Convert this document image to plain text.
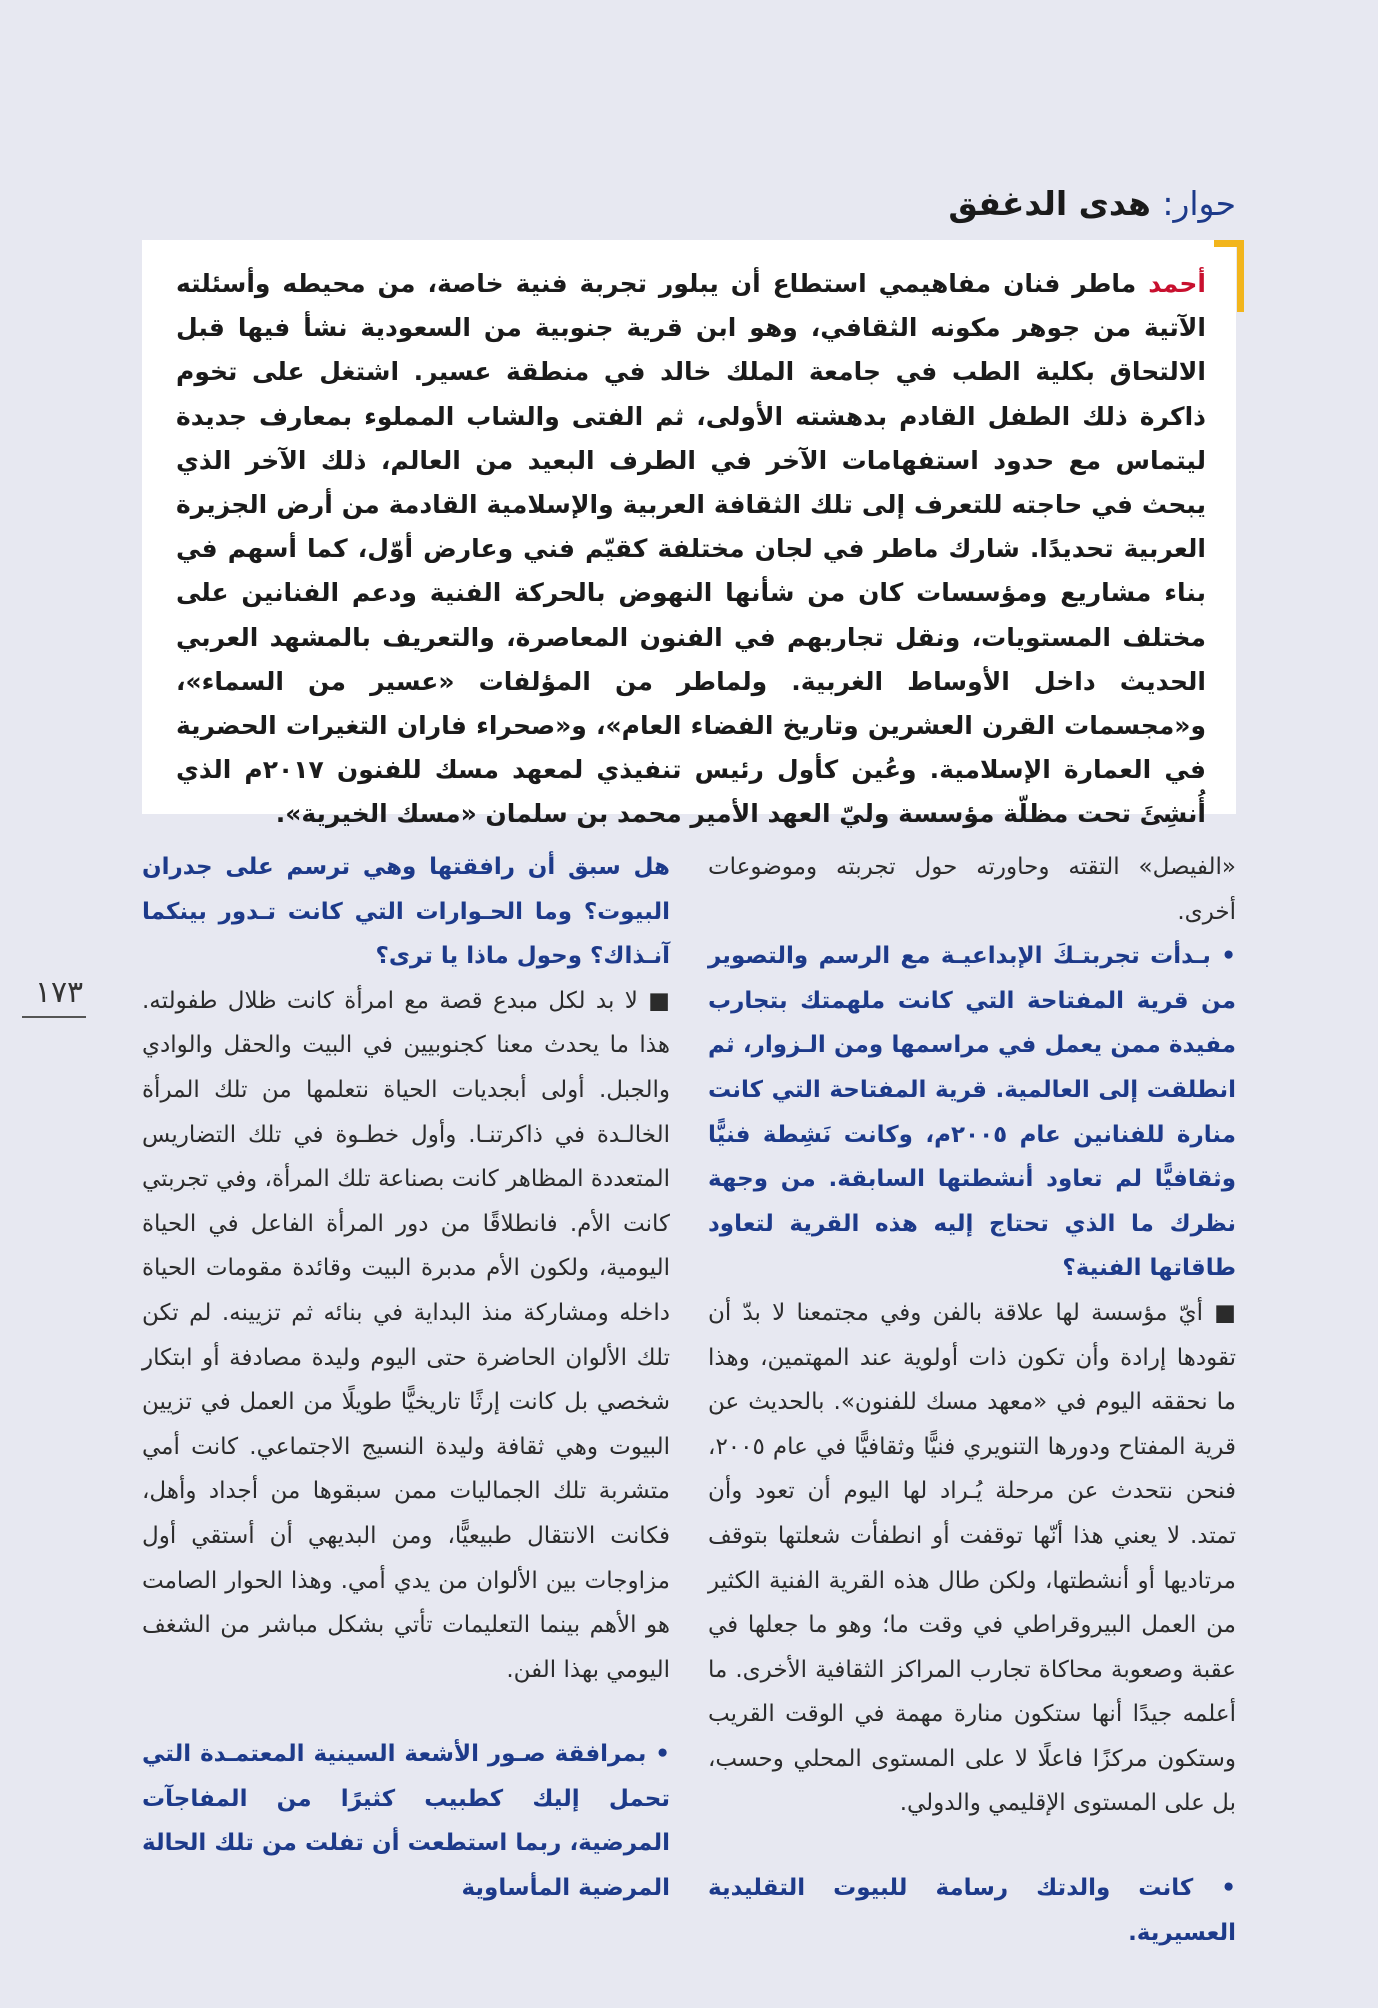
حوار: هدى الدغفق
أحمد ماطر فنان مفاهيمي استطاع أن يبلور تجربة فنية خاصة، من محيطه وأسئلته الآتية من جوهر مكونه الثقافي، وهو ابن قرية جنوبية من السعودية نشأ فيها قبل الالتحاق بكلية الطب في جامعة الملك خالد في منطقة عسير. اشتغل على تخوم ذاكرة ذلك الطفل القادم بدهشته الأولى، ثم الفتى والشاب المملوء بمعارف جديدة ليتماس مع حدود استفهامات الآخر في الطرف البعيد من العالم، ذلك الآخر الذي يبحث في حاجته للتعرف إلى تلك الثقافة العربية والإسلامية القادمة من أرض الجزيرة العربية تحديدًا. شارك ماطر في لجان مختلفة كقيّم فني وعارض أوّل، كما أسهم في بناء مشاريع ومؤسسات كان من شأنها النهوض بالحركة الفنية ودعم الفنانين على مختلف المستويات، ونقل تجاربهم في الفنون المعاصرة، والتعريف بالمشهد العربي الحديث داخل الأوساط الغربية. ولماطر من المؤلفات «عسير من السماء»، و«مجسمات القرن العشرين وتاريخ الفضاء العام»، و«صحراء فاران التغيرات الحضرية في العمارة الإسلامية. وعُين كأول رئيس تنفيذي لمعهد مسك للفنون ٢٠١٧م الذي أُنشِئَ تحت مظلّة مؤسسة وليّ العهد الأمير محمد بن سلمان «مسك الخيرية».

«الفيصل» التقته وحاورته حول تجربته وموضوعات أخرى.

• بـدأت تجربتـكَ الإبداعيـة مع الرسم والتصوير من قرية المفتاحة التي كانت ملهمتك بتجارب مفيدة ممن يعمل في مراسمها ومن الـزوار، ثم انطلقت إلى العالمية. قرية المفتاحة التي كانت منارة للفنانين عام ٢٠٠٥م، وكانت نَشِطة فنيًّا وثقافيًّا لم تعاود أنشطتها السابقة. من وجهة نظرك ما الذي تحتاج إليه هذه القرية لتعاود طاقاتها الفنية؟

■ أيّ مؤسسة لها علاقة بالفن وفي مجتمعنا لا بدّ أن تقودها إرادة وأن تكون ذات أولوية عند المهتمين، وهذا ما نحققه اليوم في «معهد مسك للفنون». بالحديث عن قرية المفتاح ودورها التنويري فنيًّا وثقافيًّا في عام ٢٠٠٥، فنحن نتحدث عن مرحلة يُـراد لها اليوم أن تعود وأن تمتد. لا يعني هذا أنّها توقفت أو انطفأت شعلتها بتوقف مرتاديها أو أنشطتها، ولكن طال هذه القرية الفنية الكثير من العمل البيروقراطي في وقت ما؛ وهو ما جعلها في عقبة وصعوبة محاكاة تجارب المراكز الثقافية الأخرى. ما أعلمه جيدًا أنها ستكون منارة مهمة في الوقت القريب وستكون مركزًا فاعلًا لا على المستوى المحلي وحسب، بل على المستوى الإقليمي والدولي.

• كانت والدتك رسامة للبيوت التقليدية العسيرية.

هل سبق أن رافقتها وهي ترسم على جدران البيوت؟ وما الحـوارات التي كانت تـدور بينكما آنـذاك؟ وحول ماذا يا ترى؟

■ لا بد لكل مبدع قصة مع امرأة كانت ظلال طفولته. هذا ما يحدث معنا كجنوبيين في البيت والحقل والوادي والجبل. أولى أبجديات الحياة نتعلمها من تلك المرأة الخالـدة في ذاكرتنـا. وأول خطـوة في تلك التضاريس المتعددة المظاهر كانت بصناعة تلك المرأة، وفي تجربتي كانت الأم. فانطلاقًا من دور المرأة الفاعل في الحياة اليومية، ولكون الأم مدبرة البيت وقائدة مقومات الحياة داخله ومشاركة منذ البداية في بنائه ثم تزيينه. لم تكن تلك الألوان الحاضرة حتى اليوم وليدة مصادفة أو ابتكار شخصي بل كانت إرثًا تاريخيًّا طويلًا من العمل في تزيين البيوت وهي ثقافة وليدة النسيج الاجتماعي. كانت أمي متشربة تلك الجماليات ممن سبقوها من أجداد وأهل، فكانت الانتقال طبيعيًّا، ومن البديهي أن أستقي أول مزاوجات بين الألوان من يدي أمي. وهذا الحوار الصامت هو الأهم بينما التعليمات تأتي بشكل مباشر من الشغف اليومي بهذا الفن.

• بمرافقة صـور الأشعة السينية المعتمـدة التي تحمل إليك كطبيب كثيرًا من المفاجآت المرضية، ربما استطعت أن تفلت من تلك الحالة المرضية المأساوية

١٧٣
